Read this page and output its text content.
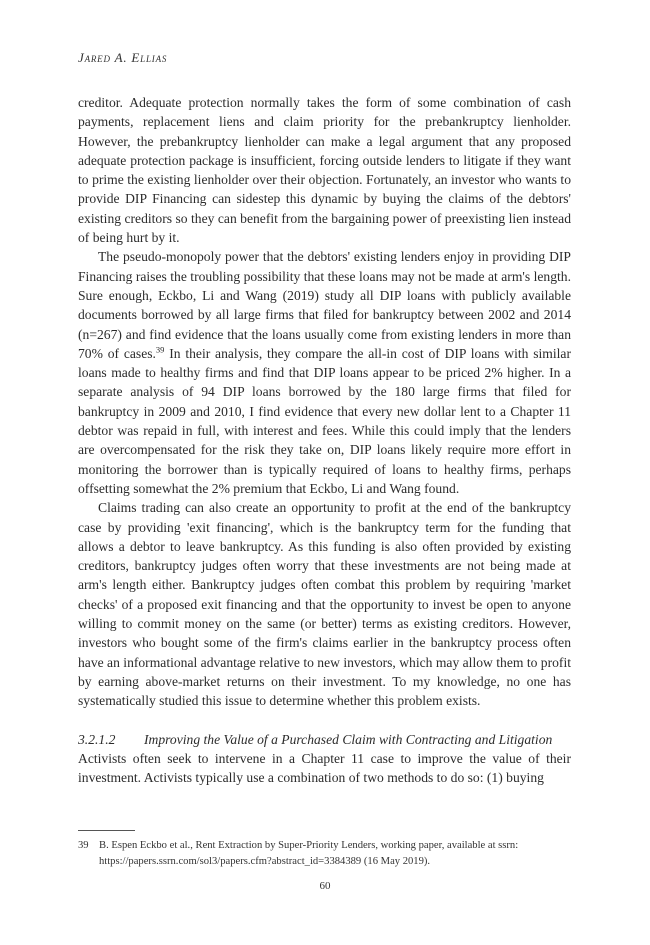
Jared A. Ellias

creditor. Adequate protection normally takes the form of some combination of cash payments, replacement liens and claim priority for the prebankruptcy lienholder. However, the prebankruptcy lienholder can make a legal argument that any proposed adequate protection package is insufficient, forcing outside lenders to litigate if they want to prime the existing lienholder over their objection. Fortunately, an investor who wants to provide DIP Financing can sidestep this dynamic by buying the claims of the debtors' existing creditors so they can benefit from the bargaining power of preexisting lien instead of being hurt by it.

The pseudo-monopoly power that the debtors' existing lenders enjoy in providing DIP Financing raises the troubling possibility that these loans may not be made at arm's length. Sure enough, Eckbo, Li and Wang (2019) study all DIP loans with publicly available documents borrowed by all large firms that filed for bankruptcy between 2002 and 2014 (n=267) and find evidence that the loans usually come from existing lenders in more than 70% of cases.$^{39}$ In their analysis, they compare the all-in cost of DIP loans with similar loans made to healthy firms and find that DIP loans appear to be priced 2% higher. In a separate analysis of 94 DIP loans borrowed by the 180 large firms that filed for bankruptcy in 2009 and 2010, I find evidence that every new dollar lent to a Chapter 11 debtor was repaid in full, with interest and fees. While this could imply that the lenders are overcompensated for the risk they take on, DIP loans likely require more effort in monitoring the borrower than is typically required of loans to healthy firms, perhaps offsetting somewhat the 2% premium that Eckbo, Li and Wang found.

Claims trading can also create an opportunity to profit at the end of the bankruptcy case by providing 'exit financing', which is the bankruptcy term for the funding that allows a debtor to leave bankruptcy. As this funding is also often provided by existing creditors, bankruptcy judges often worry that these investments are not being made at arm's length either. Bankruptcy judges often combat this problem by requiring 'market checks' of a proposed exit financing and that the opportunity to invest be open to anyone willing to commit money on the same (or better) terms as existing creditors. However, investors who bought some of the firm's claims earlier in the bankruptcy process often have an informational advantage relative to new investors, which may allow them to profit by earning above-market returns on their investment. To my knowledge, no one has systematically studied this issue to determine whether this problem exists.

3.2.1.2 Improving the Value of a Purchased Claim with Contracting and Litigation

Activists often seek to intervene in a Chapter 11 case to improve the value of their investment. Activists typically use a combination of two methods to do so: (1) buying

39 B. Espen Eckbo et al., Rent Extraction by Super-Priority Lenders, working paper, available at ssrn: https://papers.ssrn.com/sol3/papers.cfm?abstract_id=3384389 (16 May 2019).
60
